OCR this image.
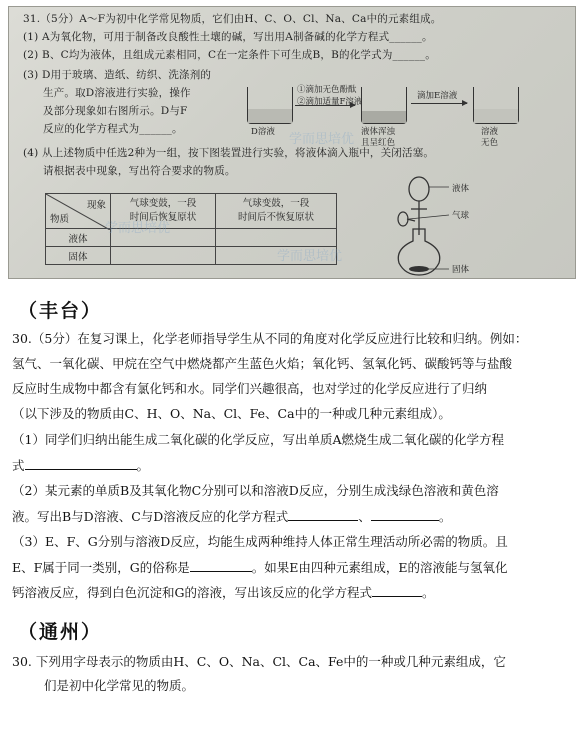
31.（5分）A～F为初中化学常见物质，它们由H、C、O、Cl、Na、Ca中的元素组成。
(1) A为氧化物，可用于制备改良酸性土壤的碱，写出用A制备碱的化学方程式______。
(2) B、C均为液体，且组成元素相同，C在一定条件下可生成B，B的化学式为______。
(3) D用于玻璃、造纸、纺织、洗涤剂的
生产。取D溶液进行实验，操作
及部分现象如右图所示。D与F
反应的化学方程式为______。
(4) 从上述物质中任选2种为一组，按下图装置进行实验，将液体滴入瓶中，关闭活塞。
请根据表中现象，写出符合要求的物质。
D溶液
①滴加无色酚酞
②滴加适量F溶液
液体浑浊
且呈红色
滴加E溶液
溶液
无色
现象
物质	气球变鼓，一段
时间后恢复原状	气球变鼓，一段
时间后不恢复原状
液体		
固体		
液体
气球
固体
学而思培优
学而思培优
学而思培优
（丰台）
30.（5分）在复习课上，化学老师指导学生从不同的角度对化学反应进行比较和归纳。例如：
氢气、一氧化碳、甲烷在空气中燃烧都产生蓝色火焰；氧化钙、氢氧化钙、碳酸钙等与盐酸
反应时生成物中都含有氯化钙和水。同学们兴趣很高，也对学过的化学反应进行了归纳
（以下涉及的物质由C、H、O、Na、Cl、Fe、Ca中的一种或几种元素组成）。
（1）同学们归纳出能生成二氧化碳的化学反应，写出单质A燃烧生成二氧化碳的化学方程
式	。
（2）某元素的单质B及其氧化物C分别可以和溶液D反应，分别生成浅绿色溶液和黄色溶
液。写出B与D溶液、C与D溶液反应的化学方程式	、	。
（3）E、F、G分别与溶液D反应，均能生成两种维持人体正常生理活动所必需的物质。且
E、F属于同一类别，G的俗称是	。如果E由四种元素组成，E的溶液能与氢氧化
钙溶液反应，得到白色沉淀和G的溶液，写出该反应的化学方程式	。
（通州）
30. 下列用字母表示的物质由H、C、O、Na、Cl、Ca、Fe中的一种或几种元素组成，它
们是初中化学常见的物质。
